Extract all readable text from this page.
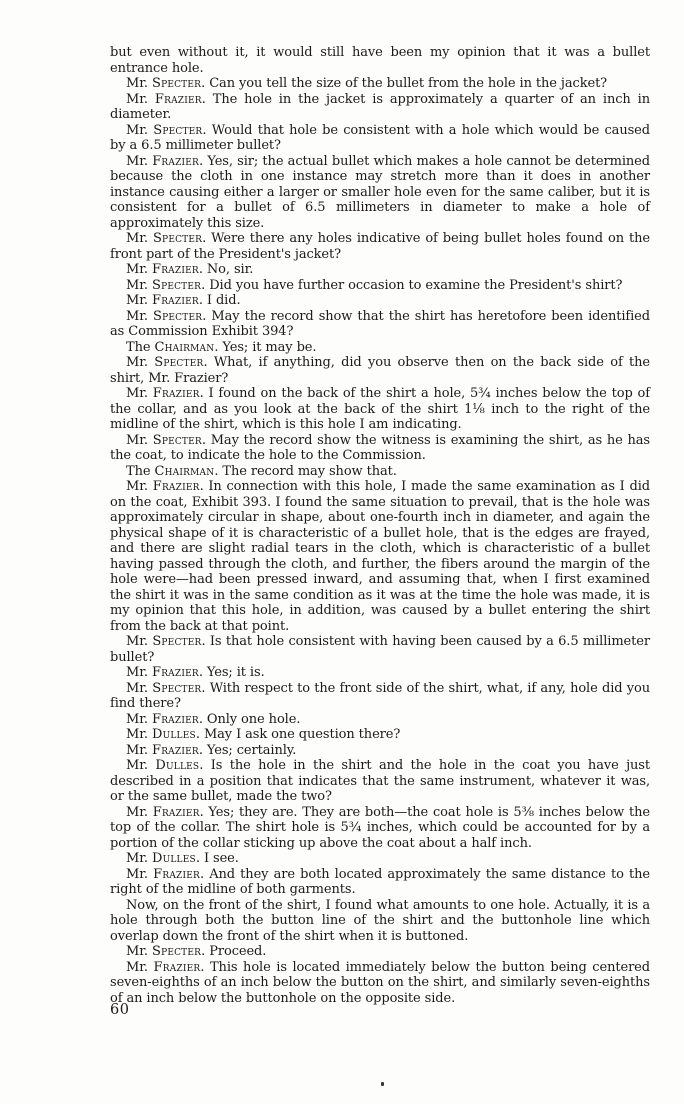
but even without it, it would still have been my opinion that it was a bullet entrance hole.

Mr. Specter. Can you tell the size of the bullet from the hole in the jacket?

Mr. Frazier. The hole in the jacket is approximately a quarter of an inch in diameter.

Mr. Specter. Would that hole be consistent with a hole which would be caused by a 6.5 millimeter bullet?

Mr. Frazier. Yes, sir; the actual bullet which makes a hole cannot be determined because the cloth in one instance may stretch more than it does in another instance causing either a larger or smaller hole even for the same caliber, but it is consistent for a bullet of 6.5 millimeters in diameter to make a hole of approximately this size.

Mr. Specter. Were there any holes indicative of being bullet holes found on the front part of the President's jacket?

Mr. Frazier. No, sir.

Mr. Specter. Did you have further occasion to examine the President's shirt?

Mr. Frazier. I did.

Mr. Specter. May the record show that the shirt has heretofore been identified as Commission Exhibit 394?

The Chairman. Yes; it may be.

Mr. Specter. What, if anything, did you observe then on the back side of the shirt, Mr. Frazier?

Mr. Frazier. I found on the back of the shirt a hole, 5¾ inches below the top of the collar, and as you look at the back of the shirt 1⅛ inch to the right of the midline of the shirt, which is this hole I am indicating.

Mr. Specter. May the record show the witness is examining the shirt, as he has the coat, to indicate the hole to the Commission.

The Chairman. The record may show that.

Mr. Frazier. In connection with this hole, I made the same examination as I did on the coat, Exhibit 393. I found the same situation to prevail, that is the hole was approximately circular in shape, about one-fourth inch in diameter, and again the physical shape of it is characteristic of a bullet hole, that is the edges are frayed, and there are slight radial tears in the cloth, which is characteristic of a bullet having passed through the cloth, and further, the fibers around the margin of the hole were—had been pressed inward, and assuming that, when I first examined the shirt it was in the same condition as it was at the time the hole was made, it is my opinion that this hole, in addition, was caused by a bullet entering the shirt from the back at that point.

Mr. Specter. Is that hole consistent with having been caused by a 6.5 millimeter bullet?

Mr. Frazier. Yes; it is.

Mr. Specter. With respect to the front side of the shirt, what, if any, hole did you find there?

Mr. Frazier. Only one hole.

Mr. Dulles. May I ask one question there?

Mr. Frazier. Yes; certainly.

Mr. Dulles. Is the hole in the shirt and the hole in the coat you have just described in a position that indicates that the same instrument, whatever it was, or the same bullet, made the two?

Mr. Frazier. Yes; they are. They are both—the coat hole is 5⅜ inches below the top of the collar. The shirt hole is 5¾ inches, which could be accounted for by a portion of the collar sticking up above the coat about a half inch.

Mr. Dulles. I see.

Mr. Frazier. And they are both located approximately the same distance to the right of the midline of both garments.

Now, on the front of the shirt, I found what amounts to one hole. Actually, it is a hole through both the button line of the shirt and the buttonhole line which overlap down the front of the shirt when it is buttoned.

Mr. Specter. Proceed.

Mr. Frazier. This hole is located immediately below the button being centered seven-eighths of an inch below the button on the shirt, and similarly seven-eighths of an inch below the buttonhole on the opposite side.

60
